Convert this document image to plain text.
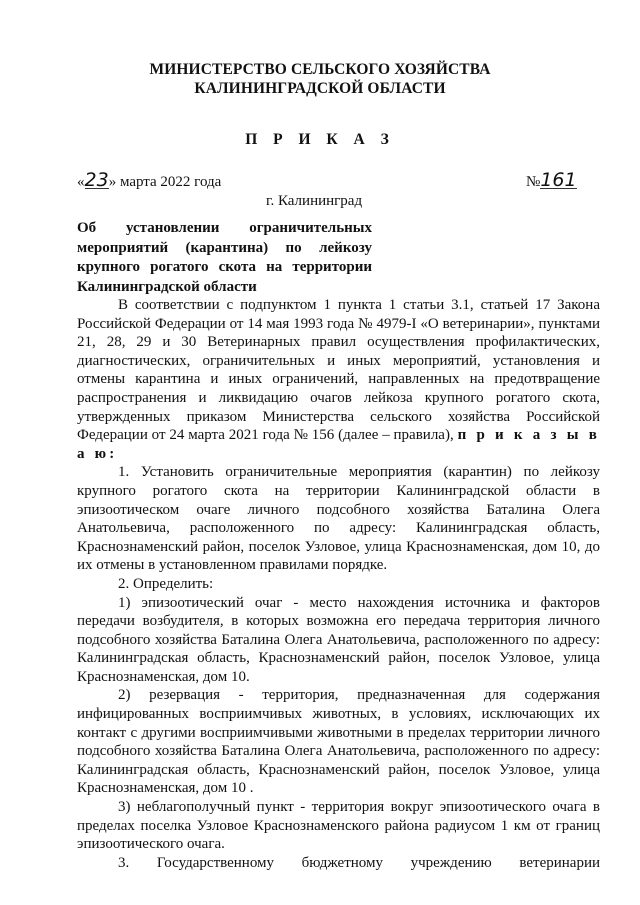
МИНИСТЕРСТВО СЕЛЬСКОГО ХОЗЯЙСТВА
КАЛИНИНГРАДСКОЙ ОБЛАСТИ
П Р И К А З
«23» марта 2022 года	№161
г. Калининград
Об установлении ограничительных мероприятий (карантина) по лейкозу крупного рогатого скота на территории Калининградской области

В соответствии с подпунктом 1 пункта 1 статьи 3.1, статьей 17 Закона Российской Федерации от 14 мая 1993 года № 4979-I «О ветеринарии», пунктами 21, 28, 29 и 30 Ветеринарных правил осуществления профилактических, диагностических, ограничительных и иных мероприятий, установления и отмены карантина и иных ограничений, направленных на предотвращение распространения и ликвидацию очагов лейкоза крупного рогатого скота, утвержденных приказом Министерства сельского хозяйства Российской Федерации от 24 марта 2021 года № 156 (далее – правила), п р и к а з ы в а ю:

1. Установить ограничительные мероприятия (карантин) по лейкозу крупного рогатого скота на территории Калининградской области в эпизоотическом очаге личного подсобного хозяйства Баталина Олега Анатольевича, расположенного по адресу: Калининградская область, Краснознаменский район, поселок Узловое, улица Краснознаменская, дом 10, до их отмены в установленном правилами порядке.

2. Определить:

1) эпизоотический очаг - место нахождения источника и факторов передачи возбудителя, в которых возможна его передача территория личного подсобного хозяйства Баталина Олега Анатольевича, расположенного по адресу: Калининградская область, Краснознаменский район, поселок Узловое, улица Краснознаменская, дом 10.

2) резервация - территория, предназначенная для содержания инфицированных восприимчивых животных, в условиях, исключающих их контакт с другими восприимчивыми животными в пределах территории личного подсобного хозяйства Баталина Олега Анатольевича, расположенного по адресу: Калининградская область, Краснознаменский район, поселок Узловое, улица Краснознаменская, дом 10 .

3) неблагополучный пункт - территория вокруг эпизоотического очага в пределах поселка Узловое Краснознаменского района радиусом 1 км от границ эпизоотического очага.

3. Государственному бюджетному учреждению ветеринарии
